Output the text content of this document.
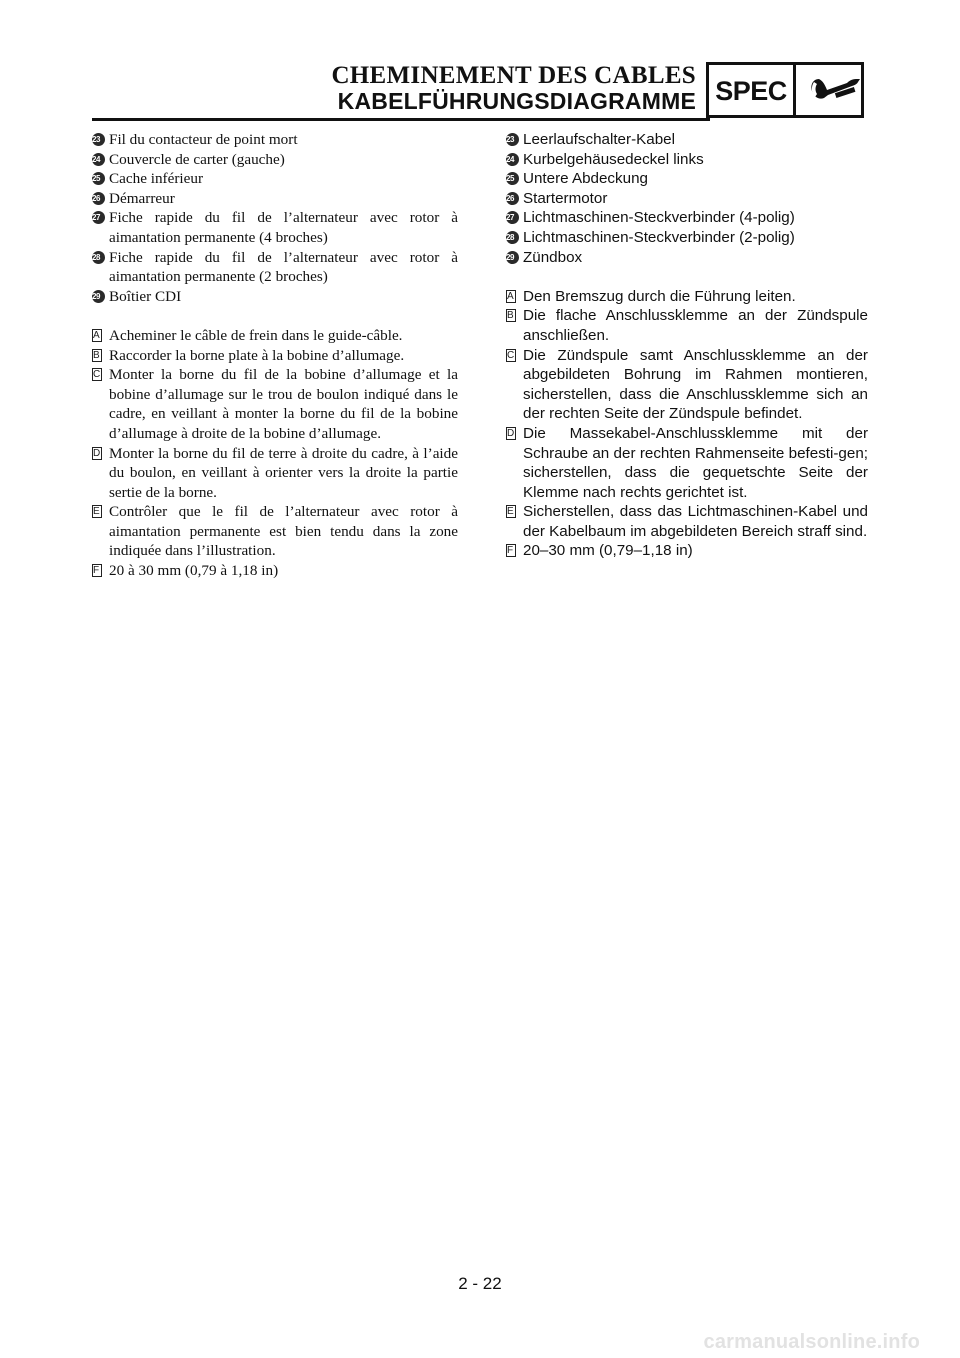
CHEMINEMENT DES CABLES
KABELFÜHRUNGSDIAGRAMME SPEC
23 Fil du contacteur de point mort
24 Couvercle de carter (gauche)
25 Cache inférieur
26 Démarreur
27 Fiche rapide du fil de l’alternateur avec rotor à aimantation permanente (4 broches)
28 Fiche rapide du fil de l’alternateur avec rotor à aimantation permanente (2 broches)
29 Boîtier CDI
A Acheminer le câble de frein dans le guide-câble.
B Raccorder la borne plate à la bobine d’allumage.
C Monter la borne du fil de la bobine d’allumage et la bobine d’allumage sur le trou de boulon indiqué dans le cadre, en veillant à monter la borne du fil de la bobine d’allumage à droite de la bobine d’allumage.
D Monter la borne du fil de terre à droite du cadre, à l’aide du boulon, en veillant à orienter vers la droite la partie sertie de la borne.
E Contrôler que le fil de l’alternateur avec rotor à aimantation permanente est bien tendu dans la zone indiquée dans l’illustration.
F 20 à 30 mm (0,79 à 1,18 in)
23 Leerlaufschalter-Kabel
24 Kurbelgehäusedeckel links
25 Untere Abdeckung
26 Startermotor
27 Lichtmaschinen-Steckverbinder (4-polig)
28 Lichtmaschinen-Steckverbinder (2-polig)
29 Zündbox
A Den Bremszug durch die Führung leiten.
B Die flache Anschlussklemme an der Zündspule anschließen.
C Die Zündspule samt Anschlussklemme an der abgebildeten Bohrung im Rahmen montieren, sicherstellen, dass die Anschlussklemme sich an der rechten Seite der Zündspule befindet.
D Die Massekabel-Anschlussklemme mit der Schraube an der rechten Rahmenseite befesti-gen; sicherstellen, dass die gequetschte Seite der Klemme nach rechts gerichtet ist.
E Sicherstellen, dass das Lichtmaschinen-Kabel und der Kabelbaum im abgebildeten Bereich straff sind.
F 20–30 mm (0,79–1,18 in)
2 - 22
carmanualsonline.info
